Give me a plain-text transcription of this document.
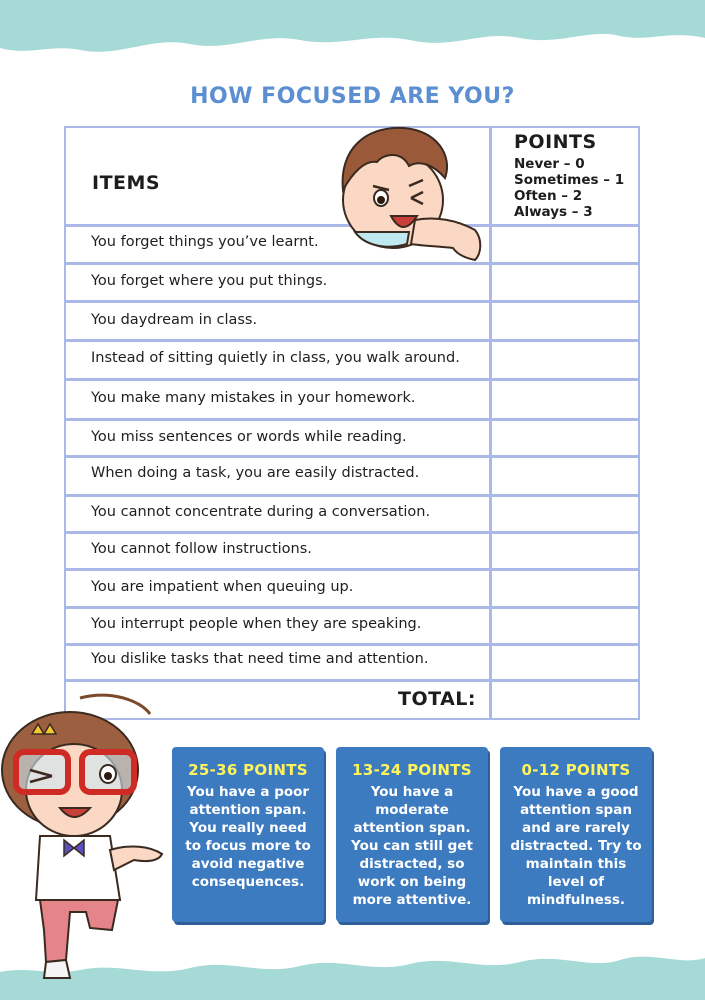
HOW FOCUSED ARE YOU?
ITEMS
POINTS
Never – 0
Sometimes – 1
Often – 2
Always – 3
You forget things you’ve learnt.
You forget where you put things.
You daydream in class.
Instead of sitting quietly in class, you walk around.
You make many mistakes in your homework.
You miss sentences or words while reading.
When doing a task, you are easily distracted.
You cannot concentrate during a conversation.
You cannot follow instructions.
You are impatient when queuing up.
You interrupt people when they are speaking.
You dislike tasks that need time and attention.
TOTAL:
25-36 POINTS
You have a poor attention span. You really need to focus more to avoid negative consequences.
13-24 POINTS
You have a moderate attention span. You can still get distracted, so work on being more attentive.
0-12 POINTS
You have a good attention span and are rarely distracted. Try to maintain this level of mindfulness.
